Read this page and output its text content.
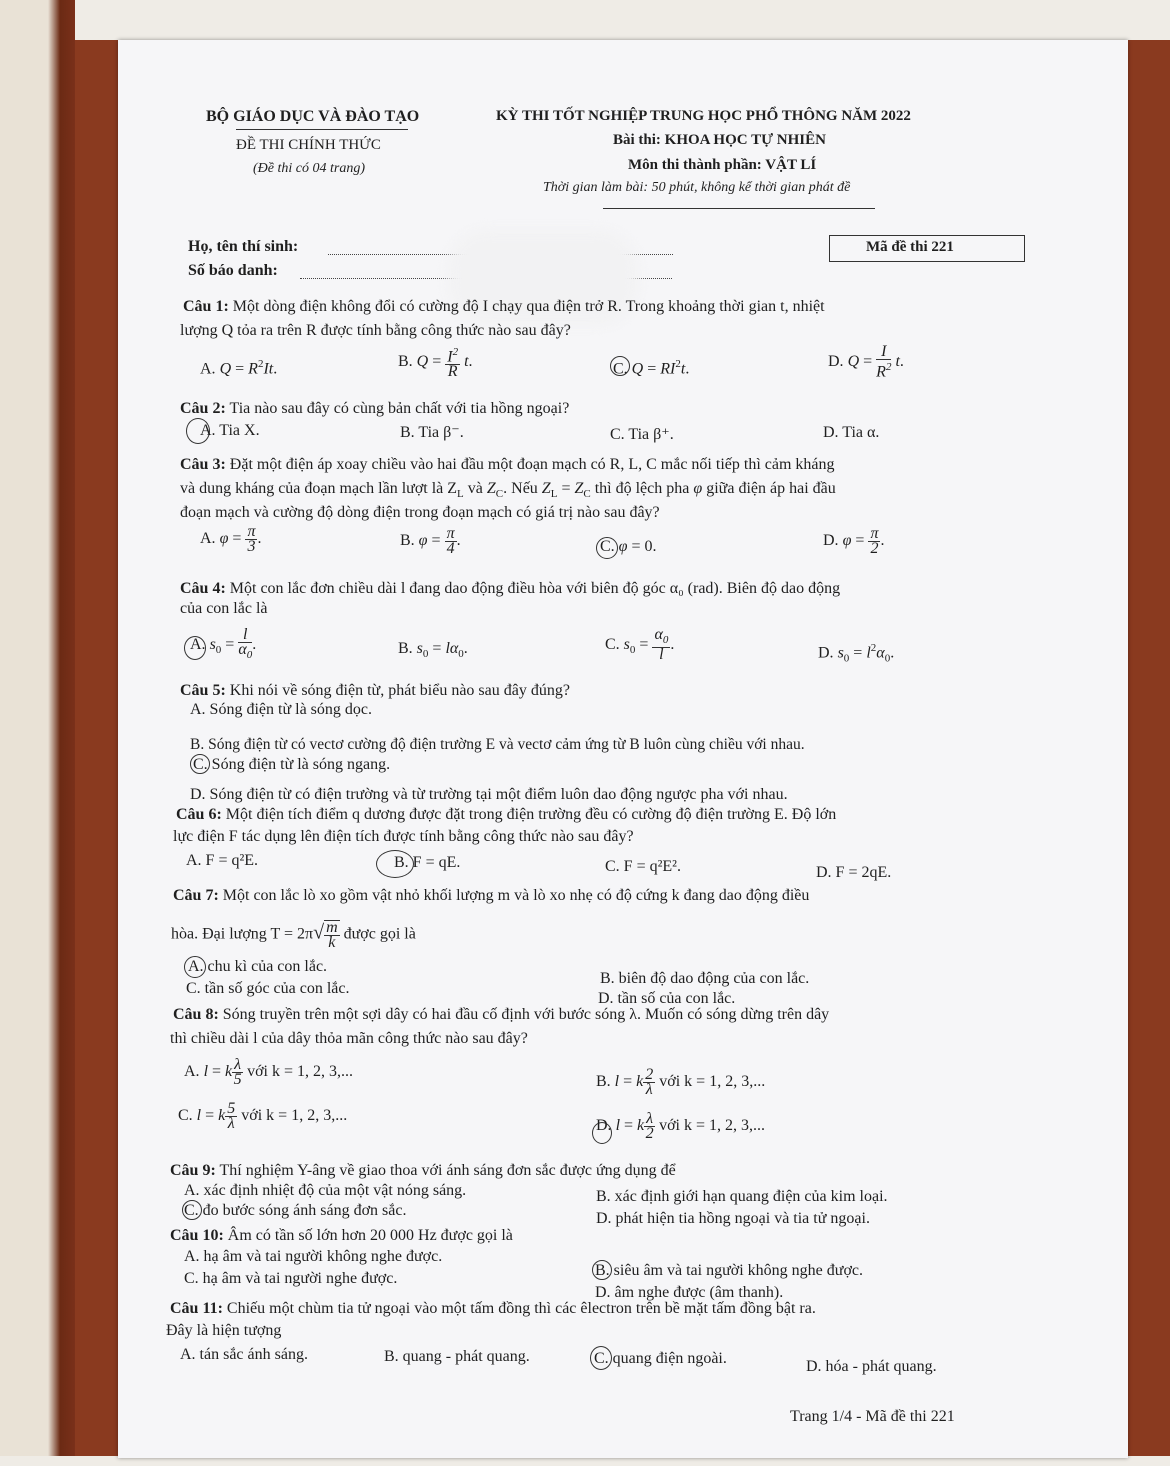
BỘ GIÁO DỤC VÀ ĐÀO TẠO
ĐỀ THI CHÍNH THỨC
(Đề thi có 04 trang)
KỲ THI TỐT NGHIỆP TRUNG HỌC PHỔ THÔNG NĂM 2022
Bài thi: KHOA HỌC TỰ NHIÊN
Môn thi thành phần: VẬT LÍ
Thời gian làm bài: 50 phút, không kể thời gian phát đề
Họ, tên thí sinh:
Số báo danh:
Mã đề thi 221
Câu 1: Một dòng điện không đổi có cường độ I chạy qua điện trở R. Trong khoảng thời gian t, nhiệt
lượng Q tỏa ra trên R được tính bằng công thức nào sau đây?
A. $Q = R^2It$.	B. $Q = \frac{I^2}{R} t$.	C. $Q = RI^2t$.	D. $Q = \frac{I}{R^2} t$.
Câu 2: Tia nào sau đây có cùng bản chất với tia hồng ngoại?
A. Tia X.	B. Tia β⁻.	C. Tia β⁺.	D. Tia α.
Câu 3: Đặt một điện áp xoay chiều vào hai đầu một đoạn mạch có R, L, C mắc nối tiếp thì cảm kháng
và dung kháng của đoạn mạch lần lượt là $Z_L$ và $Z_C$. Nếu $Z_L = Z_C$ thì độ lệch pha φ giữa điện áp hai đầu
đoạn mạch và cường độ dòng điện trong đoạn mạch có giá trị nào sau đây?
A. $\varphi = \frac{\pi}{3}$ .	B. $\varphi = \frac{\pi}{4}$ .	C. φ = 0.	D. $\varphi = \frac{\pi}{2}$ .
Câu 4: Một con lắc đơn chiều dài l đang dao động điều hòa với biên độ góc α₀ (rad). Biên độ dao động
của con lắc là
A. $s_0 = \frac{l}{\alpha_0}$ .	B. $s_0 = l\alpha_0$.	C. $s_0 = \frac{\alpha_0}{l}$ .
D. $s_0 = l^2\alpha_0$.
Câu 5: Khi nói về sóng điện từ, phát biểu nào sau đây đúng?
A. Sóng điện từ là sóng dọc.
B. Sóng điện từ có vectơ cường độ điện trường E và vectơ cảm ứng từ B luôn cùng chiều với nhau.
C. Sóng điện từ là sóng ngang.
D. Sóng điện từ có điện trường và từ trường tại một điểm luôn dao động ngược pha với nhau.
Câu 6: Một điện tích điểm q dương được đặt trong điện trường đều có cường độ điện trường E. Độ lớn
lực điện F tác dụng lên điện tích được tính bằng công thức nào sau đây?
A. F = q²E.	B. F = qE.	C. F = q²E².	D. F = 2qE.
Câu 7: Một con lắc lò xo gồm vật nhỏ khối lượng m và lò xo nhẹ có độ cứng k đang dao động điều
hòa. Đại lượng $T = 2\pi√ \frac{m}{k}$ được gọi là
A. chu kì của con lắc.
B. biên độ dao động của con lắc.
C. tần số góc của con lắc.
D. tần số của con lắc.
Câu 8: Sóng truyền trên một sợi dây có hai đầu cố định với bước sóng λ. Muốn có sóng dừng trên dây
thì chiều dài l của dây thỏa mãn công thức nào sau đây?
A. l = k $\frac{\lambda}{5}$ với k = 1, 2, 3,...
B. l = k $\frac{2}{\lambda}$ với k = 1, 2, 3,...
C. l = k $\frac{5}{\lambda}$ với k = 1, 2, 3,...
D. l = k $\frac{\lambda}{2}$ với k = 1, 2, 3,...
Câu 9: Thí nghiệm Y-âng về giao thoa với ánh sáng đơn sắc được ứng dụng để
A. xác định nhiệt độ của một vật nóng sáng.	B. xác định giới hạn quang điện của kim loại.
C. đo bước sóng ánh sáng đơn sắc.	D. phát hiện tia hồng ngoại và tia tử ngoại.
Câu 10: Âm có tần số lớn hơn 20 000 Hz được gọi là
A. hạ âm và tai người không nghe được.
B. siêu âm và tai người không nghe được.
C. hạ âm và tai người nghe được.
D. âm nghe được (âm thanh).
Câu 11: Chiếu một chùm tia tử ngoại vào một tấm đồng thì các êlectron trên bề mặt tấm đồng bật ra.
Đây là hiện tượng
A. tán sắc ánh sáng.	B. quang - phát quang.	C. quang điện ngoài.	D. hóa - phát quang.
Trang 1/4 - Mã đề thi 221
